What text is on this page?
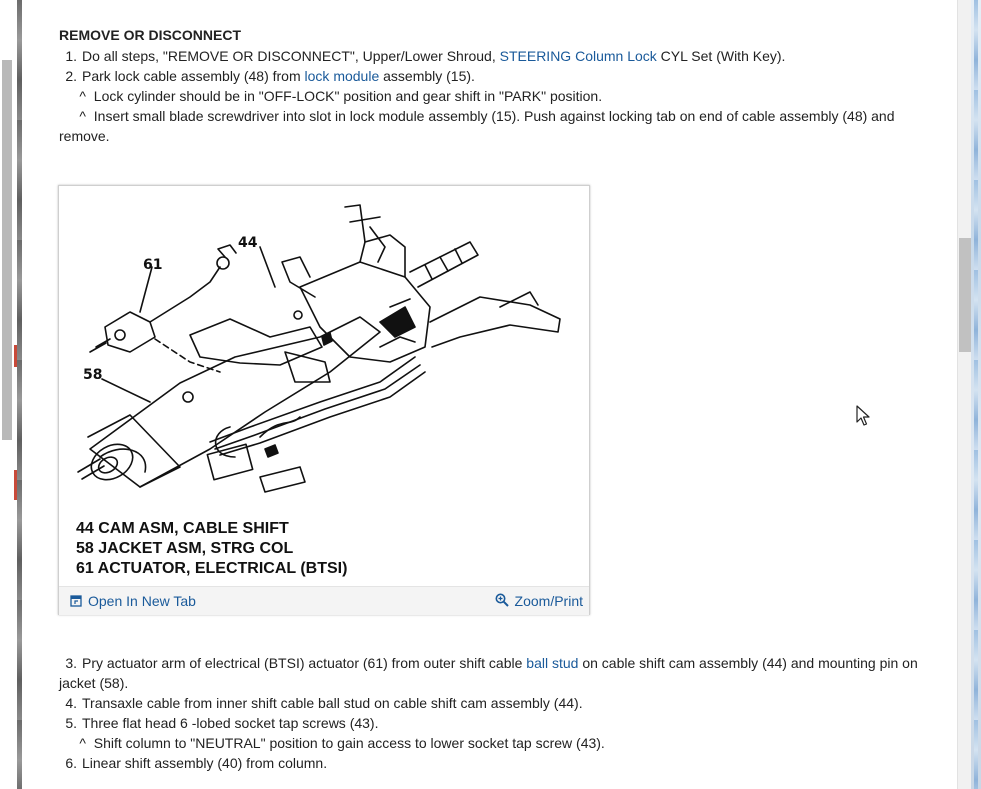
REMOVE OR DISCONNECT
1. Do all steps, "REMOVE OR DISCONNECT", Upper/Lower Shroud, STEERING Column Lock CYL Set (With Key).
2. Park lock cable assembly (48) from lock module assembly (15).
^ Lock cylinder should be in "OFF-LOCK" position and gear shift in "PARK" position.
^ Insert small blade screwdriver into slot in lock module assembly (15). Push against locking tab on end of cable assembly (48) and
remove.
3. Pry actuator arm of electrical (BTSI) actuator (61) from outer shift cable ball stud on cable shift cam assembly (44) and mounting pin on
jacket (58).
4. Transaxle cable from inner shift cable ball stud on cable shift cam assembly (44).
5. Three flat head 6 -lobed socket tap screws (43).
^ Shift column to "NEUTRAL" position to gain access to lower socket tap screw (43).
6. Linear shift assembly (40) from column.
44
61
58
44 CAM ASM, CABLE SHIFT
58 JACKET ASM, STRG COL
61 ACTUATOR, ELECTRICAL (BTSI)
Open In New Tab	Zoom/Print
